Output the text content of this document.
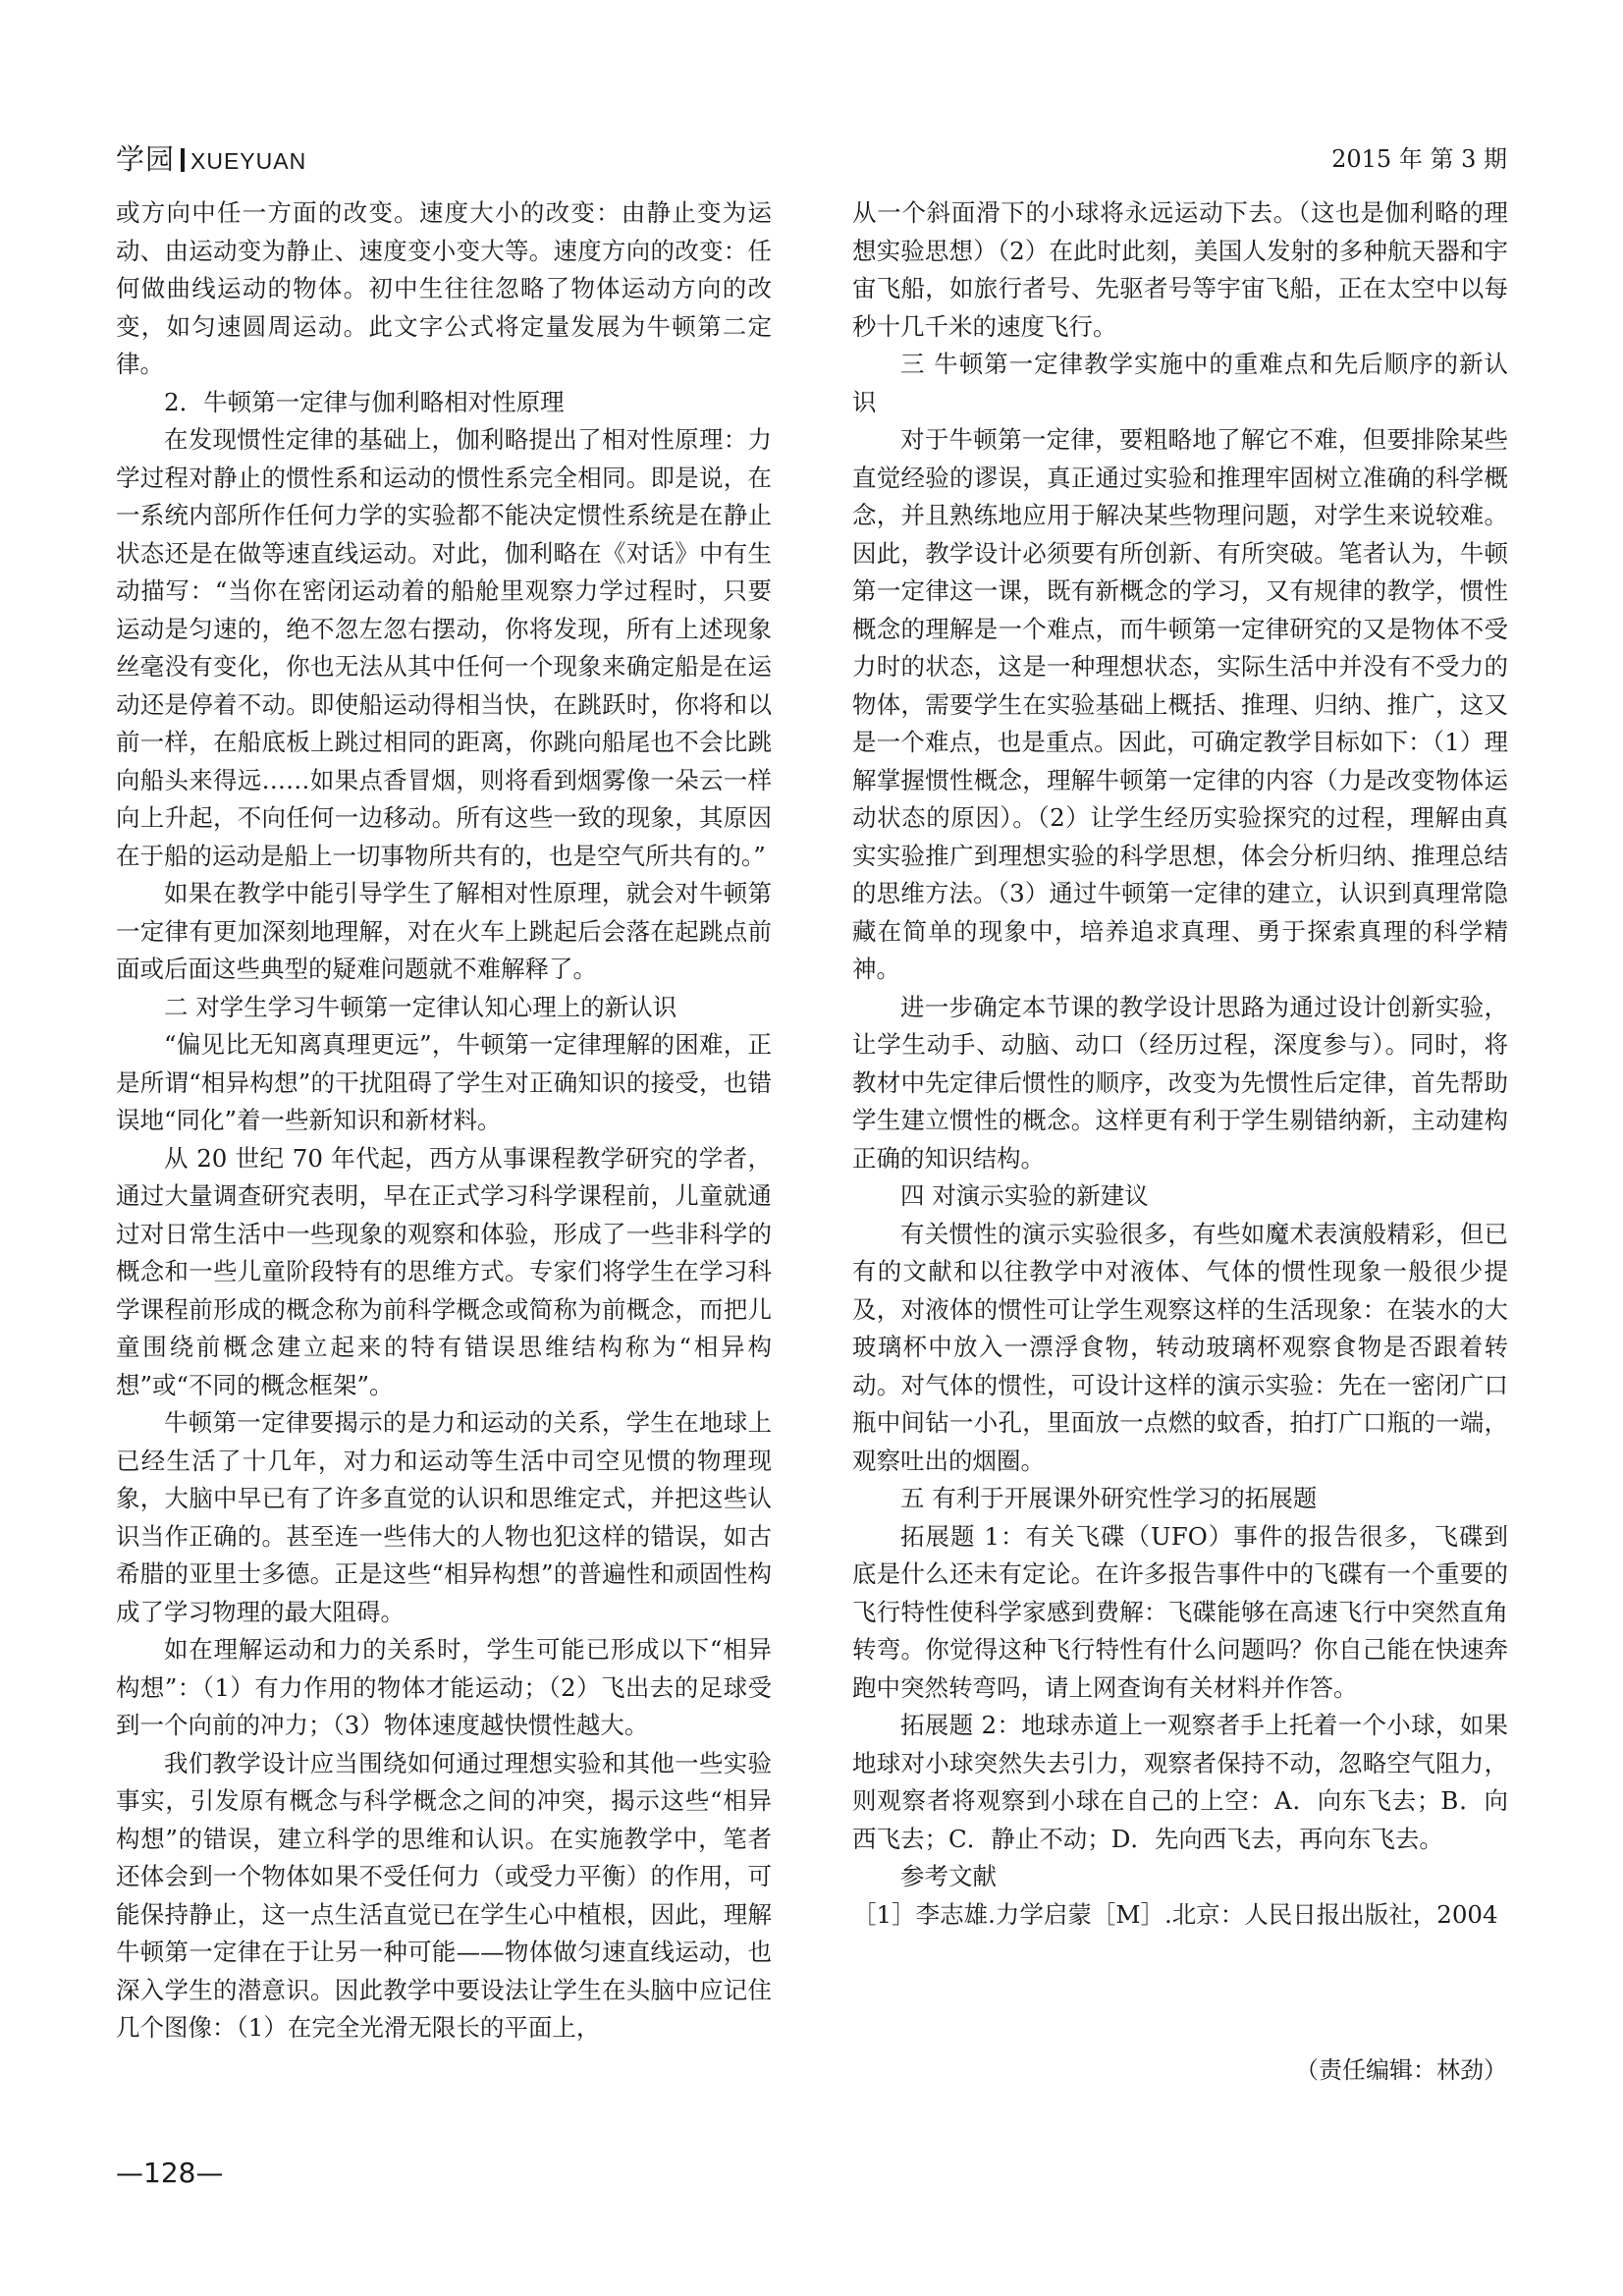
学园 XUEYUAN	2015 年 第 3 期

或方向中任一方面的改变。速度大小的改变：由静止变为运动、由运动变为静止、速度变小变大等。速度方向的改变：任何做曲线运动的物体。初中生往往忽略了物体运动方向的改变，如匀速圆周运动。此文字公式将定量发展为牛顿第二定律。

2．牛顿第一定律与伽利略相对性原理

在发现惯性定律的基础上，伽利略提出了相对性原理：力学过程对静止的惯性系和运动的惯性系完全相同。即是说，在一系统内部所作任何力学的实验都不能决定惯性系统是在静止状态还是在做等速直线运动。对此，伽利略在《对话》中有生动描写：“当你在密闭运动着的船舱里观察力学过程时，只要运动是匀速的，绝不忽左忽右摆动，你将发现，所有上述现象丝毫没有变化，你也无法从其中任何一个现象来确定船是在运动还是停着不动。即使船运动得相当快，在跳跃时，你将和以前一样，在船底板上跳过相同的距离，你跳向船尾也不会比跳向船头来得远……如果点香冒烟，则将看到烟雾像一朵云一样向上升起，不向任何一边移动。所有这些一致的现象，其原因在于船的运动是船上一切事物所共有的，也是空气所共有的。”

如果在教学中能引导学生了解相对性原理，就会对牛顿第一定律有更加深刻地理解，对在火车上跳起后会落在起跳点前面或后面这些典型的疑难问题就不难解释了。

二 对学生学习牛顿第一定律认知心理上的新认识

“偏见比无知离真理更远”，牛顿第一定律理解的困难，正是所谓“相异构想”的干扰阻碍了学生对正确知识的接受，也错误地“同化”着一些新知识和新材料。

从 20 世纪 70 年代起，西方从事课程教学研究的学者，通过大量调查研究表明，早在正式学习科学课程前，儿童就通过对日常生活中一些现象的观察和体验，形成了一些非科学的概念和一些儿童阶段特有的思维方式。专家们将学生在学习科学课程前形成的概念称为前科学概念或简称为前概念，而把儿童围绕前概念建立起来的特有错误思维结构称为“相异构想”或“不同的概念框架”。

牛顿第一定律要揭示的是力和运动的关系，学生在地球上已经生活了十几年，对力和运动等生活中司空见惯的物理现象，大脑中早已有了许多直觉的认识和思维定式，并把这些认识当作正确的。甚至连一些伟大的人物也犯这样的错误，如古希腊的亚里士多德。正是这些“相异构想”的普遍性和顽固性构成了学习物理的最大阻碍。

如在理解运动和力的关系时，学生可能已形成以下“相异构想”：（1）有力作用的物体才能运动；（2）飞出去的足球受到一个向前的冲力；（3）物体速度越快惯性越大。

我们教学设计应当围绕如何通过理想实验和其他一些实验事实，引发原有概念与科学概念之间的冲突，揭示这些“相异构想”的错误，建立科学的思维和认识。在实施教学中，笔者还体会到一个物体如果不受任何力（或受力平衡）的作用，可能保持静止，这一点生活直觉已在学生心中植根，因此，理解牛顿第一定律在于让另一种可能——物体做匀速直线运动，也深入学生的潜意识。因此教学中要设法让学生在头脑中应记住几个图像：（1）在完全光滑无限长的平面上，

从一个斜面滑下的小球将永远运动下去。（这也是伽利略的理想实验思想）（2）在此时此刻，美国人发射的多种航天器和宇宙飞船，如旅行者号、先驱者号等宇宙飞船，正在太空中以每秒十几千米的速度飞行。

三 牛顿第一定律教学实施中的重难点和先后顺序的新认识

对于牛顿第一定律，要粗略地了解它不难，但要排除某些直觉经验的谬误，真正通过实验和推理牢固树立准确的科学概念，并且熟练地应用于解决某些物理问题，对学生来说较难。因此，教学设计必须要有所创新、有所突破。笔者认为，牛顿第一定律这一课，既有新概念的学习，又有规律的教学，惯性概念的理解是一个难点，而牛顿第一定律研究的又是物体不受力时的状态，这是一种理想状态，实际生活中并没有不受力的物体，需要学生在实验基础上概括、推理、归纳、推广，这又是一个难点，也是重点。因此，可确定教学目标如下：（1）理解掌握惯性概念，理解牛顿第一定律的内容（力是改变物体运动状态的原因）。（2）让学生经历实验探究的过程，理解由真实实验推广到理想实验的科学思想，体会分析归纳、推理总结的思维方法。（3）通过牛顿第一定律的建立，认识到真理常隐藏在简单的现象中，培养追求真理、勇于探索真理的科学精神。

进一步确定本节课的教学设计思路为通过设计创新实验，让学生动手、动脑、动口（经历过程，深度参与）。同时，将教材中先定律后惯性的顺序，改变为先惯性后定律，首先帮助学生建立惯性的概念。这样更有利于学生剔错纳新，主动建构正确的知识结构。

四 对演示实验的新建议

有关惯性的演示实验很多，有些如魔术表演般精彩，但已有的文献和以往教学中对液体、气体的惯性现象一般很少提及，对液体的惯性可让学生观察这样的生活现象：在装水的大玻璃杯中放入一漂浮食物，转动玻璃杯观察食物是否跟着转动。对气体的惯性，可设计这样的演示实验：先在一密闭广口瓶中间钻一小孔，里面放一点燃的蚊香，拍打广口瓶的一端，观察吐出的烟圈。

五 有利于开展课外研究性学习的拓展题

拓展题 1：有关飞碟（UFO）事件的报告很多，飞碟到底是什么还未有定论。在许多报告事件中的飞碟有一个重要的飞行特性使科学家感到费解：飞碟能够在高速飞行中突然直角转弯。你觉得这种飞行特性有什么问题吗？你自己能在快速奔跑中突然转弯吗，请上网查询有关材料并作答。

拓展题 2：地球赤道上一观察者手上托着一个小球，如果地球对小球突然失去引力，观察者保持不动，忽略空气阻力，则观察者将观察到小球在自己的上空：A．向东飞去；B．向西飞去；C．静止不动；D．先向西飞去，再向东飞去。

参考文献

［1］李志雄.力学启蒙［M］.北京：人民日报出版社，2004

（责任编辑：林劲）
—128—
